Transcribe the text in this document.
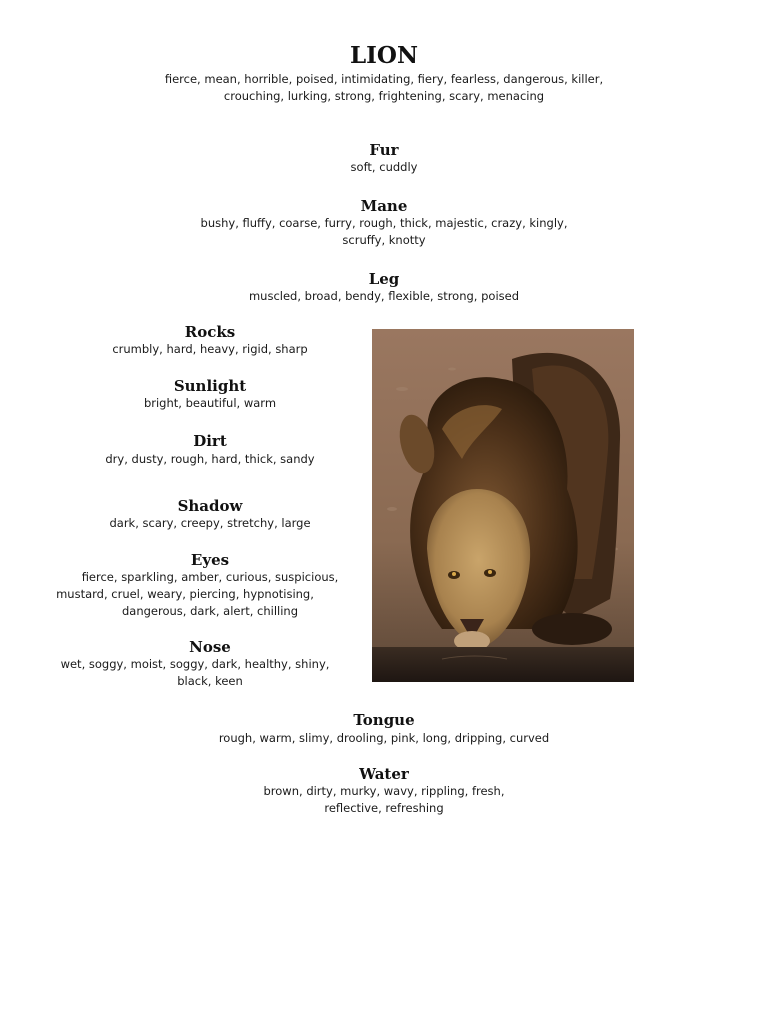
LION
fierce, mean, horrible, poised, intimidating, fiery, fearless, dangerous, killer,
crouching, lurking, strong, frightening, scary, menacing
Fur
soft, cuddly
Mane
bushy, fluffy, coarse, furry, rough, thick, majestic, crazy, kingly,
scruffy, knotty
Leg
muscled, broad, bendy, flexible, strong, poised
Rocks
crumbly, hard, heavy, rigid, sharp
Sunlight
bright, beautiful, warm
Dirt
dry, dusty, rough, hard, thick, sandy
Shadow
dark, scary, creepy, stretchy, large
Eyes
fierce, sparkling, amber, curious, suspicious,
mustard, cruel, weary, piercing, hypnotising,
dangerous, dark, alert, chilling
Nose
wet, soggy, moist, soggy, dark, healthy, shiny,
black, keen
Tongue
rough, warm, slimy, drooling, pink, long, dripping, curved
Water
brown, dirty, murky, wavy, rippling, fresh,
reflective, refreshing
